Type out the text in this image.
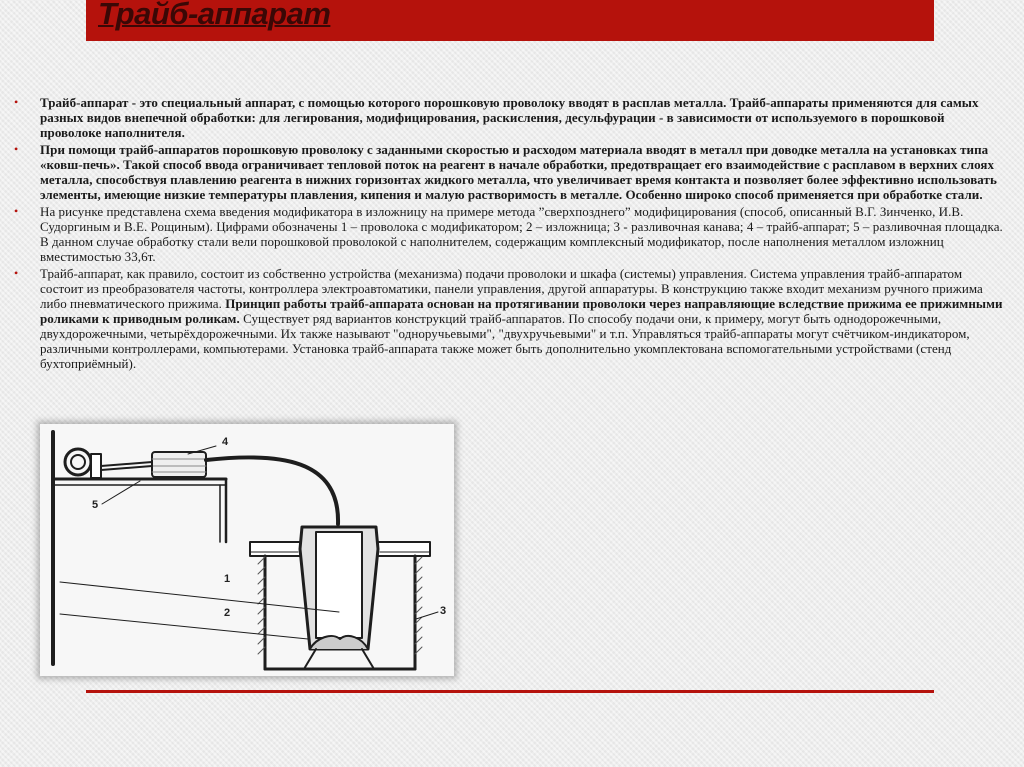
Трайб-аппарат
• Трайб-аппарат - это специальный аппарат, с помощью которого порошковую проволоку вводят в расплав металла. Трайб-аппараты применяются для самых разных видов внепечной обработки: для легирования, модифицирования, раскисления, десульфурации - в зависимости от используемого в порошковой проволоке наполнителя.
• При помощи трайб-аппаратов порошковую проволоку с заданными скоростью и расходом материала вводят в металл при доводке металла на установках типа «ковш-печь». Такой способ ввода ограничивает тепловой поток на реагент в начале обработки, предотвращает его взаимодействие с расплавом в верхних слоях металла, способствуя плавлению реагента в нижних горизонтах жидкого металла, что увеличивает время контакта и позволяет более эффективно использовать элементы, имеющие низкие температуры плавления, кипения и малую растворимость в металле. Особенно широко способ применяется при обработке стали.
• На рисунке представлена схема введения модификатора в изложницу на примере метода ”сверхпозднего” модифицирования (способ, описанный В.Г. Зинченко, И.В. Судоргиным и В.Е. Рощиным). Цифрами обозначены 1 – проволока с модификатором; 2 – изложница; 3 - разливочная канава; 4 – трайб-аппарат; 5 – разливочная площадка. В данном случае обработку стали вели порошковой проволокой с наполнителем, содержащим комплексный модификатор, после наполнения металлом изложниц вместимостью 33,6т.
• Трайб-аппарат, как правило, состоит из собственно устройства (механизма) подачи проволоки и шкафа (системы) управления. Система управления трайб-аппаратом состоит из преобразователя частоты, контроллера электроавтоматики, панели управления, другой аппаратуры. В конструкцию также входит механизм ручного прижима либо пневматического прижима. Принцип работы трайб-аппарата основан на протягивании проволоки через направляющие вследствие прижима ее прижимными роликами к приводным роликам. Существует ряд вариантов конструкций трайб-аппаратов. По способу подачи они, к примеру, могут быть однодорожечными, двухдорожечными, четырёхдорожечными. Их также называют "одноручьевыми", "двухручьевыми" и т.п. Управляться трайб-аппараты могут счётчиком-индикатором, различными контроллерами, компьютерами. Установка трайб-аппарата также может быть дополнительно укомплектована вспомогательными устройствами (стенд бухтоприёмный).
4
5
1
2	3
